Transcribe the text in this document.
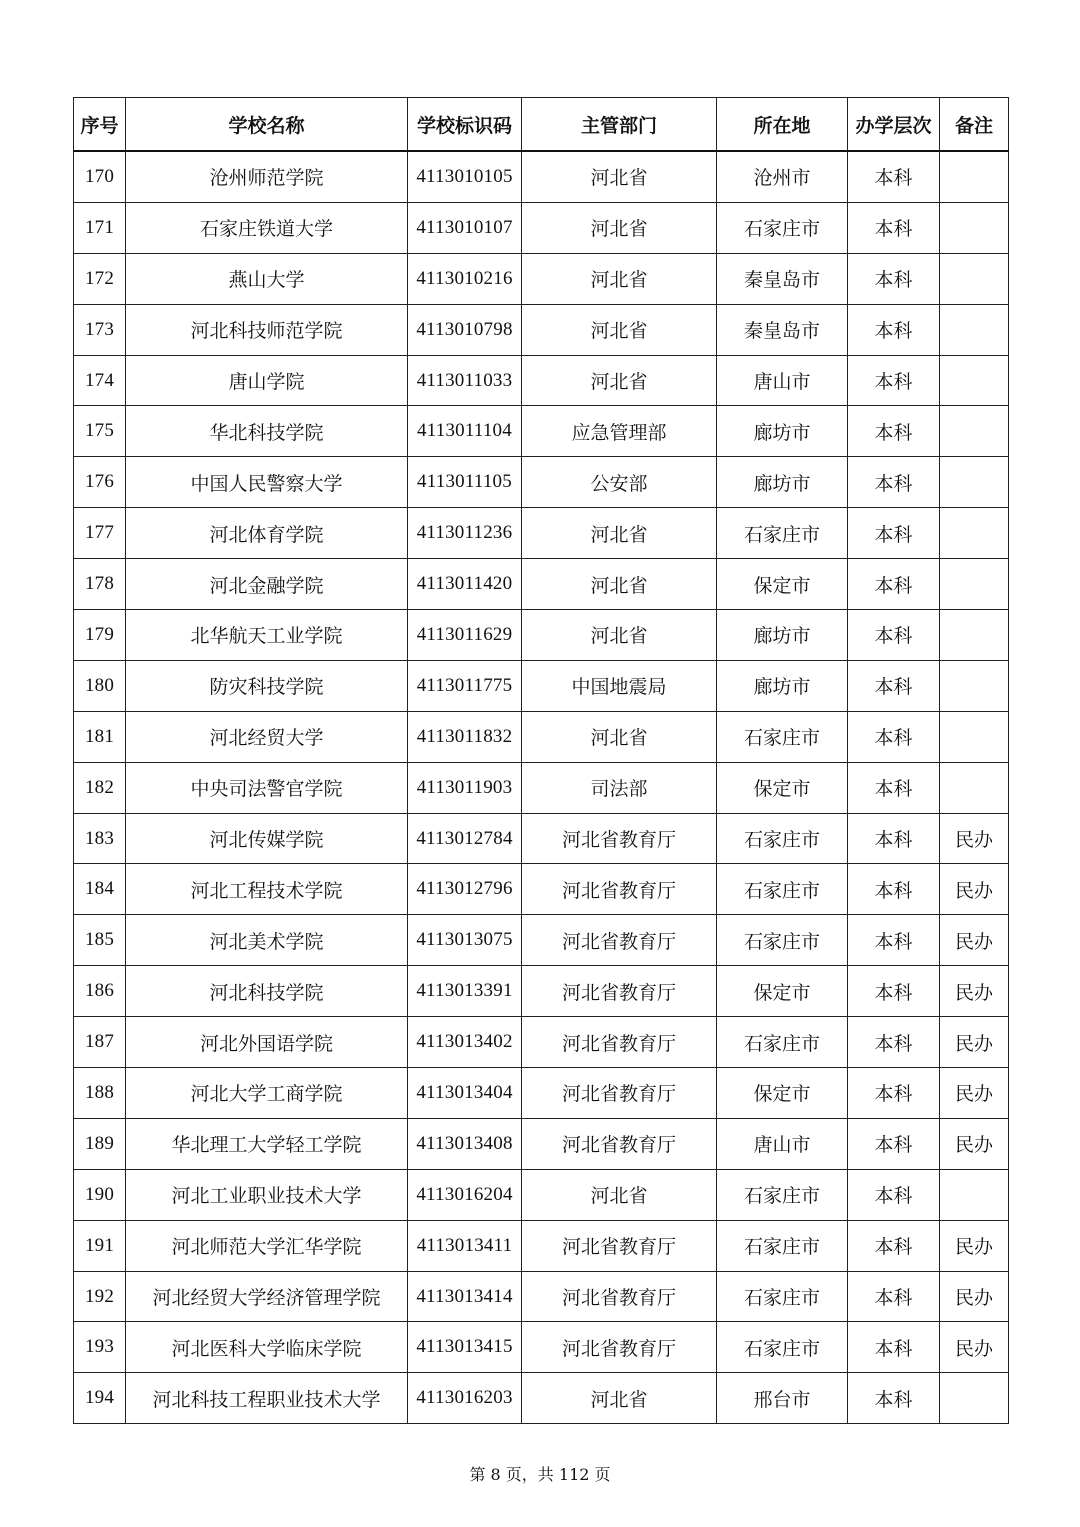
序号	学校名称	学校标识码	主管部门	所在地	办学层次	备注
170	沧州师范学院	4113010105	河北省	沧州市	本科	
171	石家庄铁道大学	4113010107	河北省	石家庄市	本科	
172	燕山大学	4113010216	河北省	秦皇岛市	本科	
173	河北科技师范学院	4113010798	河北省	秦皇岛市	本科	
174	唐山学院	4113011033	河北省	唐山市	本科	
175	华北科技学院	4113011104	应急管理部	廊坊市	本科	
176	中国人民警察大学	4113011105	公安部	廊坊市	本科	
177	河北体育学院	4113011236	河北省	石家庄市	本科	
178	河北金融学院	4113011420	河北省	保定市	本科	
179	北华航天工业学院	4113011629	河北省	廊坊市	本科	
180	防灾科技学院	4113011775	中国地震局	廊坊市	本科	
181	河北经贸大学	4113011832	河北省	石家庄市	本科	
182	中央司法警官学院	4113011903	司法部	保定市	本科	
183	河北传媒学院	4113012784	河北省教育厅	石家庄市	本科	民办
184	河北工程技术学院	4113012796	河北省教育厅	石家庄市	本科	民办
185	河北美术学院	4113013075	河北省教育厅	石家庄市	本科	民办
186	河北科技学院	4113013391	河北省教育厅	保定市	本科	民办
187	河北外国语学院	4113013402	河北省教育厅	石家庄市	本科	民办
188	河北大学工商学院	4113013404	河北省教育厅	保定市	本科	民办
189	华北理工大学轻工学院	4113013408	河北省教育厅	唐山市	本科	民办
190	河北工业职业技术大学	4113016204	河北省	石家庄市	本科	
191	河北师范大学汇华学院	4113013411	河北省教育厅	石家庄市	本科	民办
192	河北经贸大学经济管理学院	4113013414	河北省教育厅	石家庄市	本科	民办
193	河北医科大学临床学院	4113013415	河北省教育厅	石家庄市	本科	民办
194	河北科技工程职业技术大学	4113016203	河北省	邢台市	本科	
第 8 页，共 112 页
